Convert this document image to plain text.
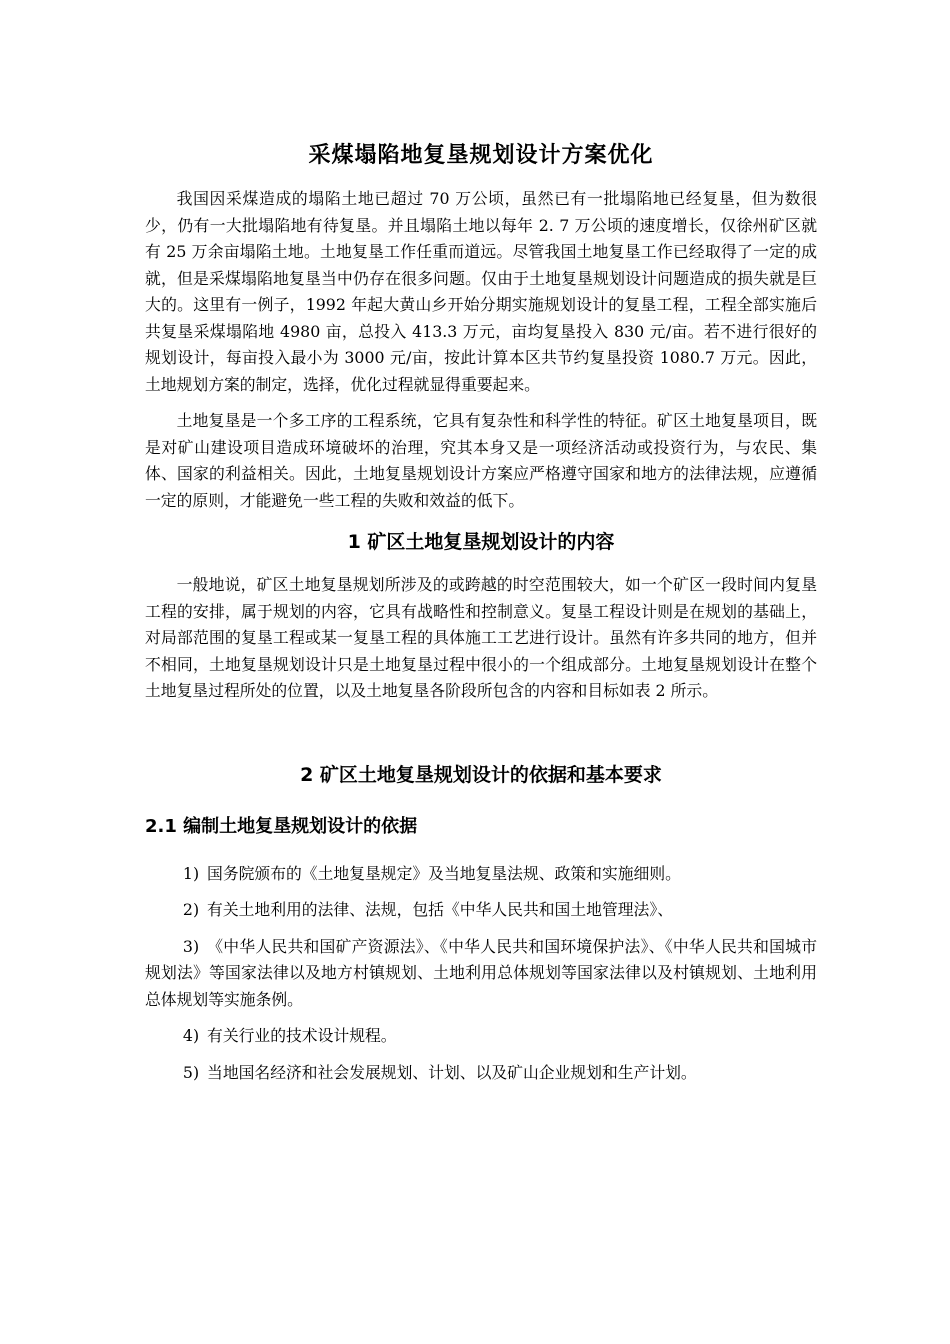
采煤塌陷地复垦规划设计方案优化

我国因采煤造成的塌陷土地已超过 70 万公顷，虽然已有一批塌陷地已经复垦，但为数很少，仍有一大批塌陷地有待复垦。并且塌陷土地以每年 2. 7 万公顷的速度增长，仅徐州矿区就有 25 万余亩塌陷土地。土地复垦工作任重而道远。尽管我国土地复垦工作已经取得了一定的成就，但是采煤塌陷地复垦当中仍存在很多问题。仅由于土地复垦规划设计问题造成的损失就是巨大的。这里有一例子，1992 年起大黄山乡开始分期实施规划设计的复垦工程，工程全部实施后共复垦采煤塌陷地 4980 亩，总投入 413.3 万元，亩均复垦投入 830 元/亩。若不进行很好的规划设计，每亩投入最小为 3000 元/亩，按此计算本区共节约复垦投资 1080.7 万元。因此，土地规划方案的制定，选择，优化过程就显得重要起来。

土地复垦是一个多工序的工程系统，它具有复杂性和科学性的特征。矿区土地复垦项目，既是对矿山建设项目造成环境破坏的治理，究其本身又是一项经济活动或投资行为，与农民、集体、国家的利益相关。因此，土地复垦规划设计方案应严格遵守国家和地方的法律法规，应遵循一定的原则，才能避免一些工程的失败和效益的低下。

1 矿区土地复垦规划设计的内容

一般地说，矿区土地复垦规划所涉及的或跨越的时空范围较大，如一个矿区一段时间内复垦工程的安排，属于规划的内容，它具有战略性和控制意义。复垦工程设计则是在规划的基础上，对局部范围的复垦工程或某一复垦工程的具体施工工艺进行设计。虽然有许多共同的地方，但并不相同，土地复垦规划设计只是土地复垦过程中很小的一个组成部分。土地复垦规划设计在整个土地复垦过程所处的位置，以及土地复垦各阶段所包含的内容和目标如表 2 所示。

2 矿区土地复垦规划设计的依据和基本要求
2.1 编制土地复垦规划设计的依据

1) 国务院颁布的《土地复垦规定》及当地复垦法规、政策和实施细则。

2) 有关土地利用的法律、法规，包括《中华人民共和国土地管理法》、

3) 《中华人民共和国矿产资源法》、《中华人民共和国环境保护法》、《中华人民共和国城市规划法》等国家法律以及地方村镇规划、土地利用总体规划等国家法律以及村镇规划、土地利用总体规划等实施条例。

4) 有关行业的技术设计规程。

5) 当地国名经济和社会发展规划、计划、以及矿山企业规划和生产计划。
